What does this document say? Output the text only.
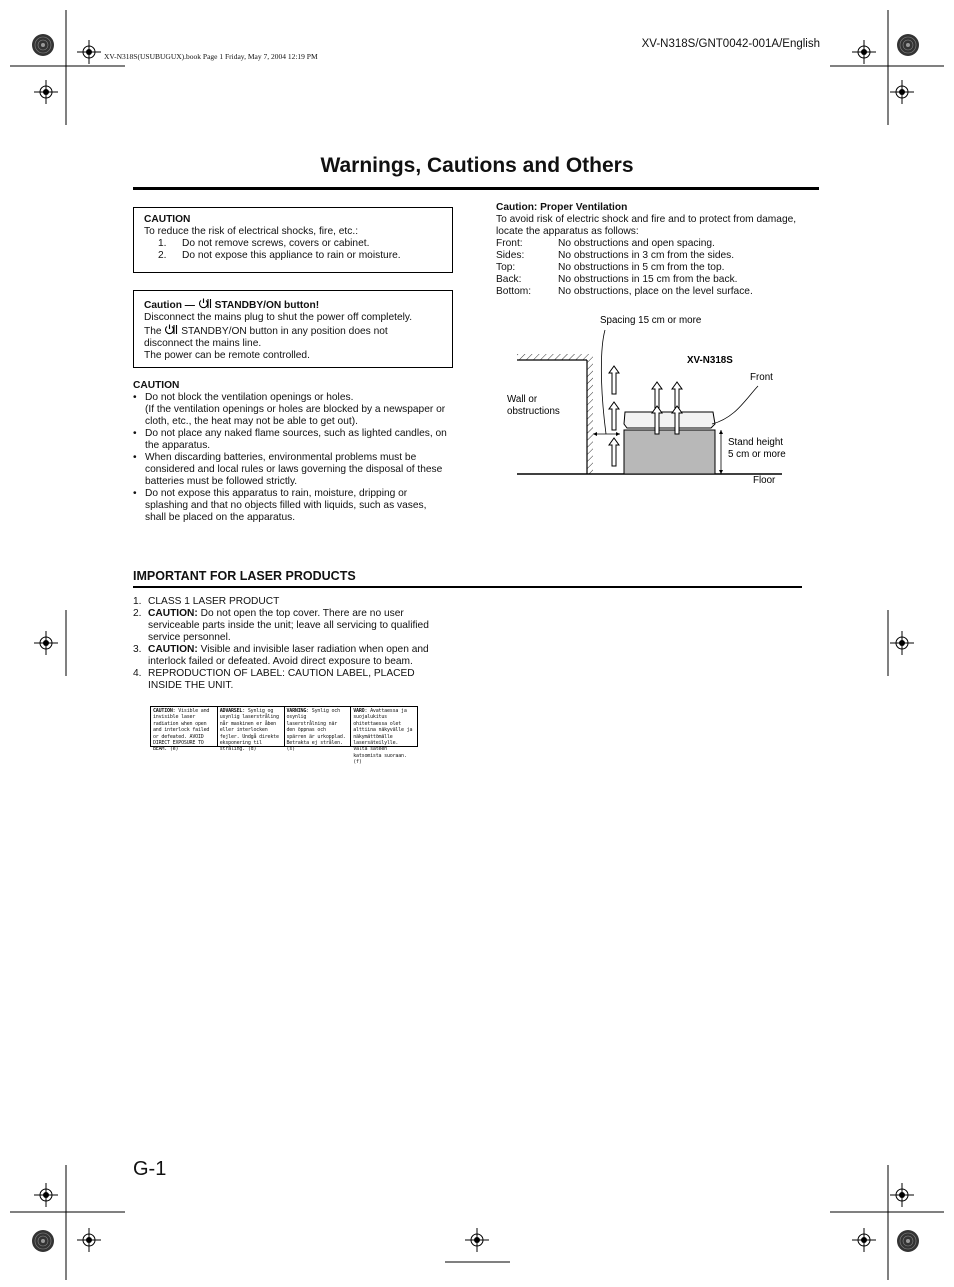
XV-N318S(USUBUGUX).book Page 1 Friday, May 7, 2004 12:19 PM
XV-N318S/GNT0042-001A/English
Warnings, Cautions and Others
CAUTION
To reduce the risk of electrical shocks, fire, etc.:
1. Do not remove screws, covers or cabinet.
2. Do not expose this appliance to rain or moisture.
Caution — STANDBY/ON button!
Disconnect the mains plug to shut the power off completely.
The STANDBY/ON button in any position does not
disconnect the mains line.
The power can be remote controlled.
CAUTION
• Do not block the ventilation openings or holes.
(If the ventilation openings or holes are blocked by a newspaper or
cloth, etc., the heat may not be able to get out).
• Do not place any naked flame sources, such as lighted candles, on
the apparatus.
• When discarding batteries, environmental problems must be
considered and local rules or laws governing the disposal of these
batteries must be followed strictly.
• Do not expose this apparatus to rain, moisture, dripping or
splashing and that no objects filled with liquids, such as vases,
shall be placed on the apparatus.
Caution: Proper Ventilation
To avoid risk of electric shock and fire and to protect from damage,
locate the apparatus as follows:
Front:	No obstructions and open spacing.
Sides:	No obstructions in 3 cm from the sides.
Top:	No obstructions in 5 cm from the top.
Back:	No obstructions in 15 cm from the back.
Bottom:	No obstructions, place on the level surface.
Spacing 15 cm or more
XV-N318S
Front
Wall or
obstructions
Stand height
5 cm or more
Floor
IMPORTANT FOR LASER PRODUCTS
1. CLASS 1 LASER PRODUCT
2. CAUTION: Do not open the top cover. There are no user
serviceable parts inside the unit; leave all servicing to qualified
service personnel.
3. CAUTION: Visible and invisible laser radiation when open and
interlock failed or defeated. Avoid direct exposure to beam.
4. REPRODUCTION OF LABEL: CAUTION LABEL, PLACED
INSIDE THE UNIT.
CAUTION: Visible and invisible laser radiation when open and interlock failed or defeated. AVOID DIRECT EXPOSURE TO BEAM. (e)
ADVARSEL: Synlig og usynlig laserstråling når maskinen er åben eller interlocken fejler. Undgå direkte eksponering til stråling. (d)
VARNING: Synlig och osynlig laserstrålning när den öppnas och spärren är urkopplad. Betrakta ej strålen. (s)
VARO: Avattaessa ja suojalukitus ohitettaessa olet alttiina näkyvälle ja näkymättömälle lasersäteilylle. Vältä säteen katsomista suoraan. (f)
G-1
